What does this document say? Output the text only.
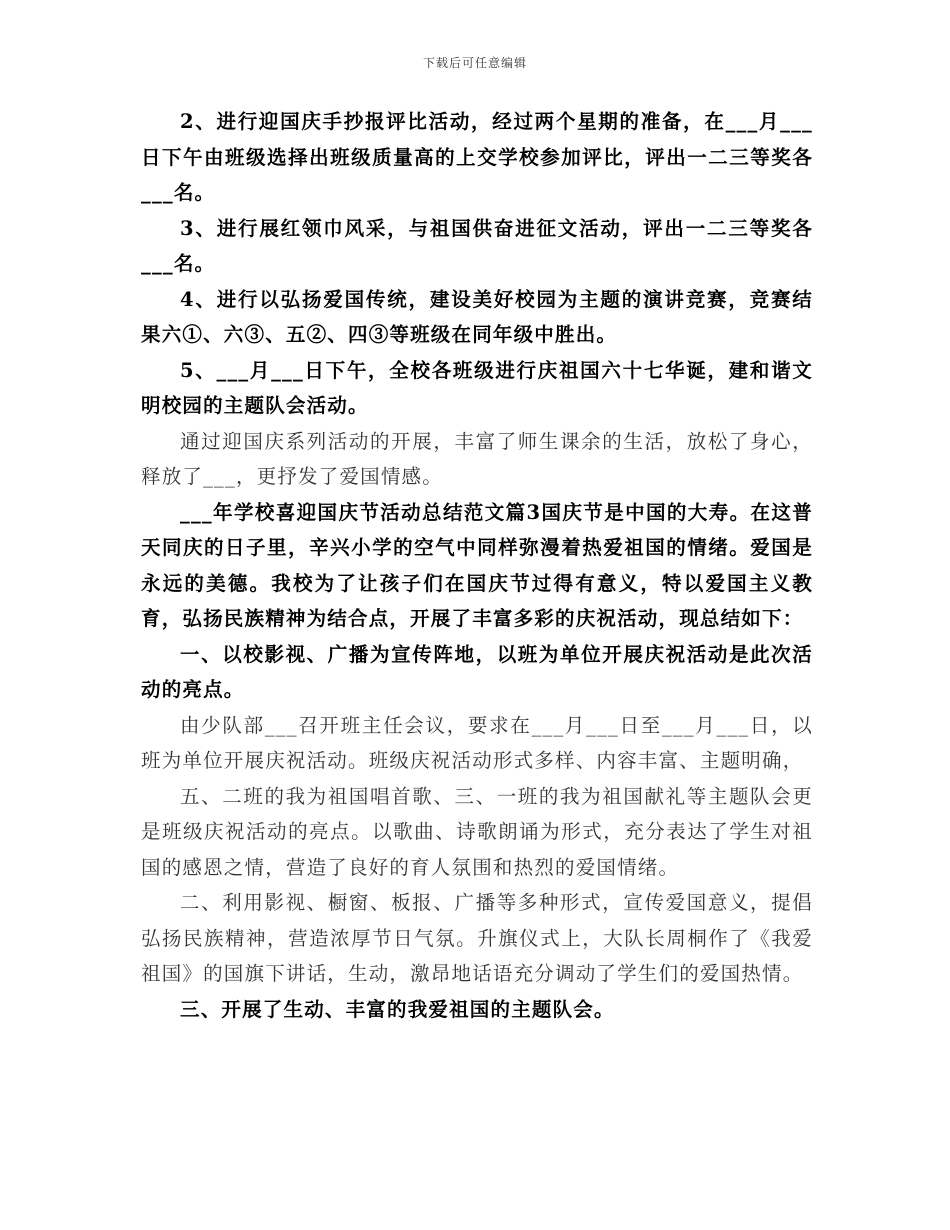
下载后可任意编辑

2、进行迎国庆手抄报评比活动，经过两个星期的准备，在___月___日下午由班级选择出班级质量高的上交学校参加评比，评出一二三等奖各___名。

3、进行展红领巾风采，与祖国供奋进征文活动，评出一二三等奖各___名。

4、进行以弘扬爱国传统，建设美好校园为主题的演讲竞赛，竞赛结果六①、六③、五②、四③等班级在同年级中胜出。

5、___月___日下午，全校各班级进行庆祖国六十七华诞，建和谐文明校园的主题队会活动。

通过迎国庆系列活动的开展，丰富了师生课余的生活，放松了身心，释放了___，更抒发了爱国情感。

___年学校喜迎国庆节活动总结范文篇3国庆节是中国的大寿。在这普天同庆的日子里，辛兴小学的空气中同样弥漫着热爱祖国的情绪。爱国是永远的美德。我校为了让孩子们在国庆节过得有意义，特以爱国主义教育，弘扬民族精神为结合点，开展了丰富多彩的庆祝活动，现总结如下：

一、以校影视、广播为宣传阵地，以班为单位开展庆祝活动是此次活动的亮点。

由少队部___召开班主任会议，要求在___月___日至___月___日，以班为单位开展庆祝活动。班级庆祝活动形式多样、内容丰富、主题明确，

五、二班的我为祖国唱首歌、三、一班的我为祖国献礼等主题队会更是班级庆祝活动的亮点。以歌曲、诗歌朗诵为形式，充分表达了学生对祖国的感恩之情，营造了良好的育人氛围和热烈的爱国情绪。

二、利用影视、橱窗、板报、广播等多种形式，宣传爱国意义，提倡弘扬民族精神，营造浓厚节日气氛。升旗仪式上，大队长周桐作了《我爱祖国》的国旗下讲话，生动，激昂地话语充分调动了学生们的爱国热情。

三、开展了生动、丰富的我爱祖国的主题队会。
